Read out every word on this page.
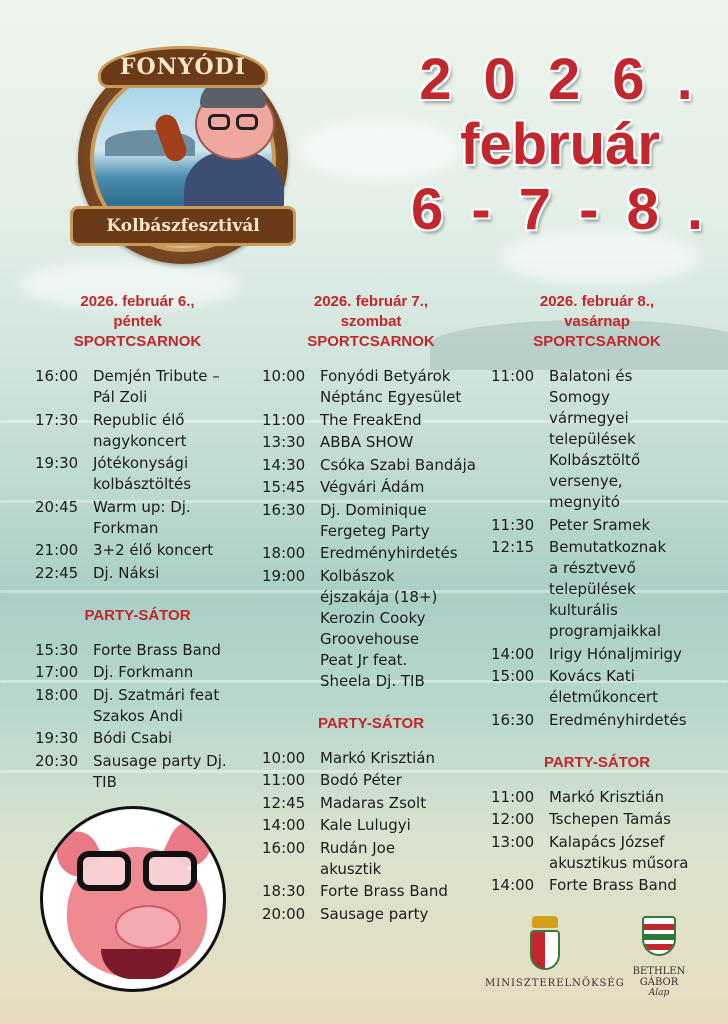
FONYÓDI
Kolbászfesztivál
2 0 2 6 .
február
6 - 7 - 8 .
2026. február 6.,
péntek
SPORTCSARNOK
16:00 Demjén Tribute – Pál Zoli
17:30 Republic élő nagykoncert
19:30 Jótékonysági kolbásztöltés
20:45 Warm up: Dj. Forkman
21:00 3+2 élő koncert
22:45 Dj. Náksi
PARTY-SÁTOR
15:30 Forte Brass Band
17:00 Dj. Forkmann
18:00 Dj. Szatmári feat Szakos Andi
19:30 Bódi Csabi
20:30 Sausage party Dj. TIB
2026. február 7.,
szombat
SPORTCSARNOK
10:00 Fonyódi Betyárok Néptánc Egyesület
11:00 The FreakEnd
13:30 ABBA SHOW
14:30 Csóka Szabi Bandája
15:45 Végvári Ádám
16:30 Dj. Dominique Fergeteg Party
18:00 Eredményhirdetés
19:00 Kolbászok éjszakája (18+) Kerozin Cooky Groovehouse Peat Jr feat. Sheela Dj. TIB
PARTY-SÁTOR
10:00 Markó Krisztián
11:00 Bodó Péter
12:45 Madaras Zsolt
14:00 Kale Lulugyi
16:00 Rudán Joe akusztik
18:30 Forte Brass Band
20:00 Sausage party
2026. február 8.,
vasárnap
SPORTCSARNOK
11:00 Balatoni és Somogy vármegyei települések Kolbásztöltő versenye, megnyitó
11:30 Peter Sramek
12:15 Bemutatkoznak a résztvevő települések kulturális programjaikkal
14:00 Irigy Hónaljmirigy
15:00 Kovács Kati életműkoncert
16:30 Eredményhirdetés
PARTY-SÁTOR
11:00 Markó Krisztián
12:00 Tschepen Tamás
13:00 Kalapács József akusztikus műsora
14:00 Forte Brass Band
MINISZTERELNÖKSÉG
BETHLEN GÁBOR
Alap
